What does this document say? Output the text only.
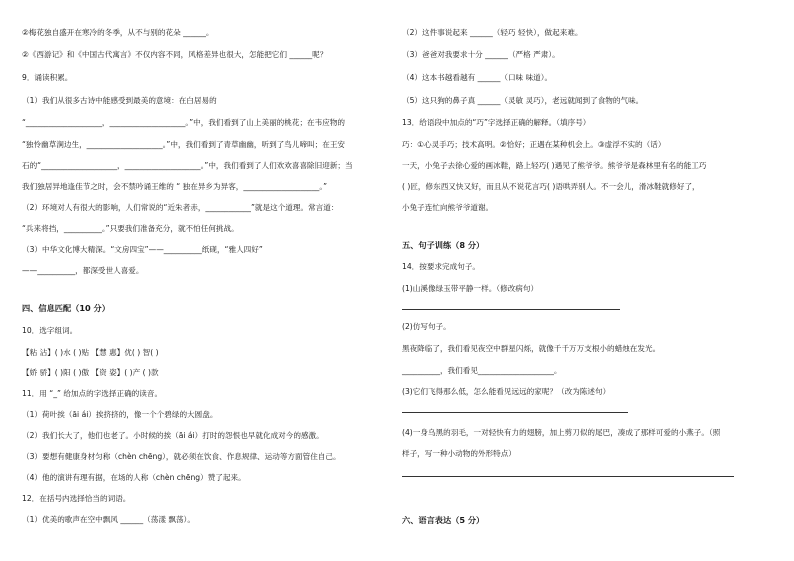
②梅花独自盛开在寒冷的冬季，从不与别的花朵 ______。
②《西游记》和《中国古代寓言》不仅内容不同，风格差异也很大，怎能把它们 ______呢？
9．诵读积累。
（1）我们从很多古诗中能感受到最美的意境：在白居易的
“____________________，____________________。”中，我们看到了山上美丽的桃花；在韦应物的
“独怜幽草涧边生，____________________。”中，我们看到了青草幽幽，听到了鸟儿啼叫；在王安
石的“____________________，____________________。”中，我们看到了人们欢欢喜喜除旧迎新；当
我们独居异地逢佳节之时，会不禁吟诵王维的 “ 独在异乡为异客，____________________。”
（2）环境对人有很大的影响，人们常说的“近朱者赤，____________”就是这个道理。常言道：
“兵来将挡，__________。”只要我们准备充分，就不怕任何挑战。
（3）中华文化博大精深。“文房四宝”——__________纸砚，“雅人四好”
——__________，都深受世人喜爱。
四、信息匹配（10 分）
10．选字组词。
【粘 沾】( )水 ( )贴 【慧 惠】优( ) 智( )
【娇 骄】( )阳 ( )傲 【资 姿】( )产 ( )款
11．用 “_” 给加点的字选择正确的读音。
（1）荷叶挨（āi ái）挨挤挤的，像一个个碧绿的大圆盘。
（2）我们长大了，他们也老了。小时候的挨（āi ái）打时的怨恨也早就化成对今的感激。
（3）要想有健康身材匀称（chèn chēng），就必须在饮食、作息规律、运动等方面管住自己。
（4）他的演讲有理有据，在场的人称（chèn chēng）赞了起来。
12．在括号内选择恰当的词语。
（1）优美的歌声在空中飘风 ______（荡漾 飘荡）。
（2）这件事说起来 ______（轻巧 轻快），做起来难。
（3）爸爸对我要求十分 ______（严格 严肃）。
（4）这本书越看越有 ______（口味 味道）。
（5）这只狗的鼻子真 ______（灵敏 灵巧），老远就闻到了食物的气味。
13．给语段中加点的“巧”字选择正确的解释。（填序号）
巧：①心灵手巧；技术高明。②恰好；正遇在某种机会上。③虚浮不实的（话）
一天，小兔子去徐心爱的画冰鞋，路上轻巧( )遇见了熊爷爷。熊爷爷是森林里有名的能工巧
( )匠，修东西又快又好，而且从不说花言巧( )语哄弄别人。不一会儿，滑冰鞋就修好了，
小兔子连忙向熊爷爷道谢。
五、句子训练（8 分）
14．按要求完成句子。
(1)山溪像绿玉带平静一样。（修改病句）
(2)仿写句子。
黑夜降临了，我们看见夜空中群星闪烁，就像千千万万支根小的蜡烛在发光。
__________，我们看见____________________。
(3)它们飞得那么低，怎么能看见远远的家呢？（改为陈述句）
(4)一身乌黑的羽毛，一对轻快有力的翅膀，加上剪刀似的尾巴，凑成了那样可爱的小燕子。（照
样子，写一种小动物的外形特点）
六、语言表达（5 分）
